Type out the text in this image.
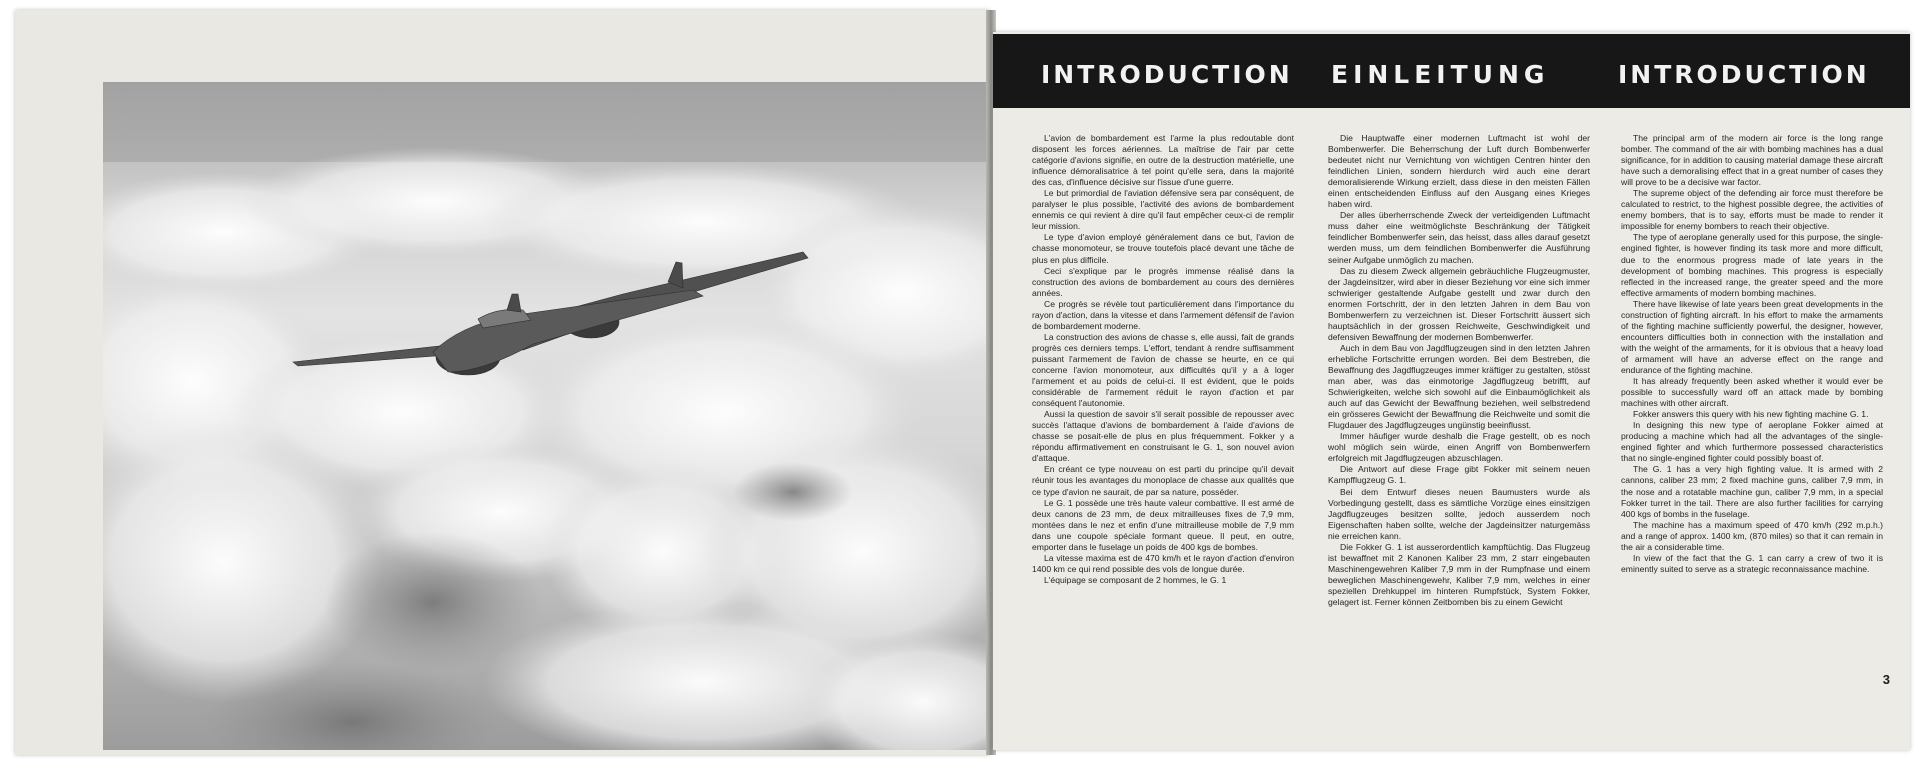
INTRODUCTION EINLEITUNG	INTRODUCTION

L'avion de bombardement est l'arme la plus redoutable dont disposent les forces aériennes. La maîtrise de l'air par cette catégorie d'avions signifie, en outre de la destruction matérielle, une influence démoralisatrice à tel point qu'elle sera, dans la majorité des cas, d'influence décisive sur l'issue d'une guerre.

Le but primordial de l'aviation défensive sera par conséquent, de paralyser le plus possible, l'activité des avions de bombardement ennemis ce qui revient à dire qu'il faut empêcher ceux-ci de remplir leur mission.

Le type d'avion employé généralement dans ce but, l'avion de chasse monomoteur, se trouve toutefois placé devant une tâche de plus en plus difficile.

Ceci s'explique par le progrès immense réalisé dans la construction des avions de bombardement au cours des dernières années.

Ce progrès se révèle tout particulièrement dans l'importance du rayon d'action, dans la vitesse et dans l'armement défensif de l'avion de bombardement moderne.

La construction des avions de chasse s, elle aussi, fait de grands progrès ces derniers temps. L'effort, tendant à rendre suffisamment puissant l'armement de l'avion de chasse se heurte, en ce qui concerne l'avion monomoteur, aux difficultés qu'il y a à loger l'armement et au poids de celui-ci. Il est évident, que le poids considérable de l'armement réduit le rayon d'action et par conséquent l'autonomie.

Aussi la question de savoir s'il serait possible de repousser avec succès l'attaque d'avions de bombardement à l'aide d'avions de chasse se posait-elle de plus en plus fréquemment. Fokker y a répondu affirmativement en construisant le G. 1, son nouvel avion d'attaque.

En créant ce type nouveau on est parti du principe qu'il devait réunir tous les avantages du monoplace de chasse aux qualités que ce type d'avion ne saurait, de par sa nature, posséder.

Le G. 1 possède une très haute valeur combattive. Il est armé de deux canons de 23 mm, de deux mitrailleuses fixes de 7,9 mm, montées dans le nez et enfin d'une mitrailleuse mobile de 7,9 mm dans une coupole spéciale formant queue. Il peut, en outre, emporter dans le fuselage un poids de 400 kgs de bombes.

La vitesse maxima est de 470 km/h et le rayon d'action d'environ 1400 km ce qui rend possible des vols de longue durée.

L'équipage se composant de 2 hommes, le G. 1

Die Hauptwaffe einer modernen Luftmacht ist wohl der Bombenwerfer. Die Beherrschung der Luft durch Bombenwerfer bedeutet nicht nur Vernichtung von wichtigen Centren hinter den feindlichen Linien, sondern hierdurch wird auch eine derart demoralisierende Wirkung erzielt, dass diese in den meisten Fällen einen entscheidenden Einfluss auf den Ausgang eines Krieges haben wird.

Der alles überherrschende Zweck der verteidigenden Luftmacht muss daher eine weitmöglichste Beschränkung der Tätigkeit feindlicher Bombenwerfer sein, das heisst, dass alles darauf gesetzt werden muss, um dem feindlichen Bombenwerfer die Ausführung seiner Aufgabe unmöglich zu machen.

Das zu diesem Zweck allgemein gebräuchliche Flugzeugmuster, der Jagdeinsitzer, wird aber in dieser Beziehung vor eine sich immer schwieriger gestaltende Aufgabe gestellt und zwar durch den enormen Fortschritt, der in den letzten Jahren in dem Bau von Bombenwerfern zu verzeichnen ist. Dieser Fortschritt äussert sich hauptsächlich in der grossen Reichweite, Geschwindigkeit und defensiven Bewaffnung der modernen Bombenwerfer.

Auch in dem Bau von Jagdflugzeugen sind in den letzten Jahren erhebliche Fortschritte errungen worden. Bei dem Bestreben, die Bewaffnung des Jagdflugzeuges immer kräftiger zu gestalten, stösst man aber, was das einmotorige Jagdflugzeug betrifft, auf Schwierigkeiten, welche sich sowohl auf die Einbaumöglichkeit als auch auf das Gewicht der Bewaffnung beziehen, weil selbstredend ein grösseres Gewicht der Bewaffnung die Reichweite und somit die Flugdauer des Jagdflugzeuges ungünstig beeinflusst.

Immer häufiger wurde deshalb die Frage gestellt, ob es noch wohl möglich sein würde, einen Angriff von Bombenwerfern erfolgreich mit Jagdflugzeugen abzuschlagen.

Die Antwort auf diese Frage gibt Fokker mit seinem neuen Kampfflugzeug G. 1.

Bei dem Entwurf dieses neuen Baumusters wurde als Vorbedingung gestellt, dass es sämtliche Vorzüge eines einsitzigen Jagdflugzeuges besitzen sollte, jedoch ausserdem noch Eigenschaften haben sollte, welche der Jagdeinsitzer naturgemäss nie erreichen kann.

Die Fokker G. 1 ist ausserordentlich kampftüchtig. Das Flugzeug ist bewaffnet mit 2 Kanonen Kaliber 23 mm, 2 starr eingebauten Maschinengewehren Kaliber 7,9 mm in der Rumpfnase und einem beweglichen Maschinengewehr, Kaliber 7,9 mm, welches in einer speziellen Drehkuppel im hinteren Rumpfstück, System Fokker, gelagert ist. Ferner können Zeitbomben bis zu einem Gewicht

The principal arm of the modern air force is the long range bomber. The command of the air with bombing machines has a dual significance, for in addition to causing material damage these aircraft have such a demoralising effect that in a great number of cases they will prove to be a decisive war factor.

The supreme object of the defending air force must therefore be calculated to restrict, to the highest possible degree, the activities of enemy bombers, that is to say, efforts must be made to render it impossible for enemy bombers to reach their objective.

The type of aeroplane generally used for this purpose, the single-engined fighter, is however finding its task more and more difficult, due to the enormous progress made of late years in the development of bombing machines. This progress is especially reflected in the increased range, the greater speed and the more effective armaments of modern bombing machines.

There have likewise of late years been great developments in the construction of fighting aircraft. In his effort to make the armaments of the fighting machine sufficiently powerful, the designer, however, encounters difficulties both in connection with the installation and with the weight of the armaments, for it is obvious that a heavy load of armament will have an adverse effect on the range and endurance of the fighting machine.

It has already frequently been asked whether it would ever be possible to successfully ward off an attack made by bombing machines with other aircraft.

Fokker answers this query with his new fighting machine G. 1.

In designing this new type of aeroplane Fokker aimed at producing a machine which had all the advantages of the single-engined fighter and which furthermore possessed characteristics that no single-engined fighter could possibly boast of.

The G. 1 has a very high fighting value. It is armed with 2 cannons, caliber 23 mm; 2 fixed machine guns, caliber 7,9 mm, in the nose and a rotatable machine gun, caliber 7,9 mm, in a special Fokker turret in the tail. There are also further facilities for carrying 400 kgs of bombs in the fuselage.

The machine has a maximum speed of 470 km/h (292 m.p.h.) and a range of approx. 1400 km, (870 miles) so that it can remain in the air a considerable time.

In view of the fact that the G. 1 can carry a crew of two it is eminently suited to serve as a strategic reconnaissance machine.

3
